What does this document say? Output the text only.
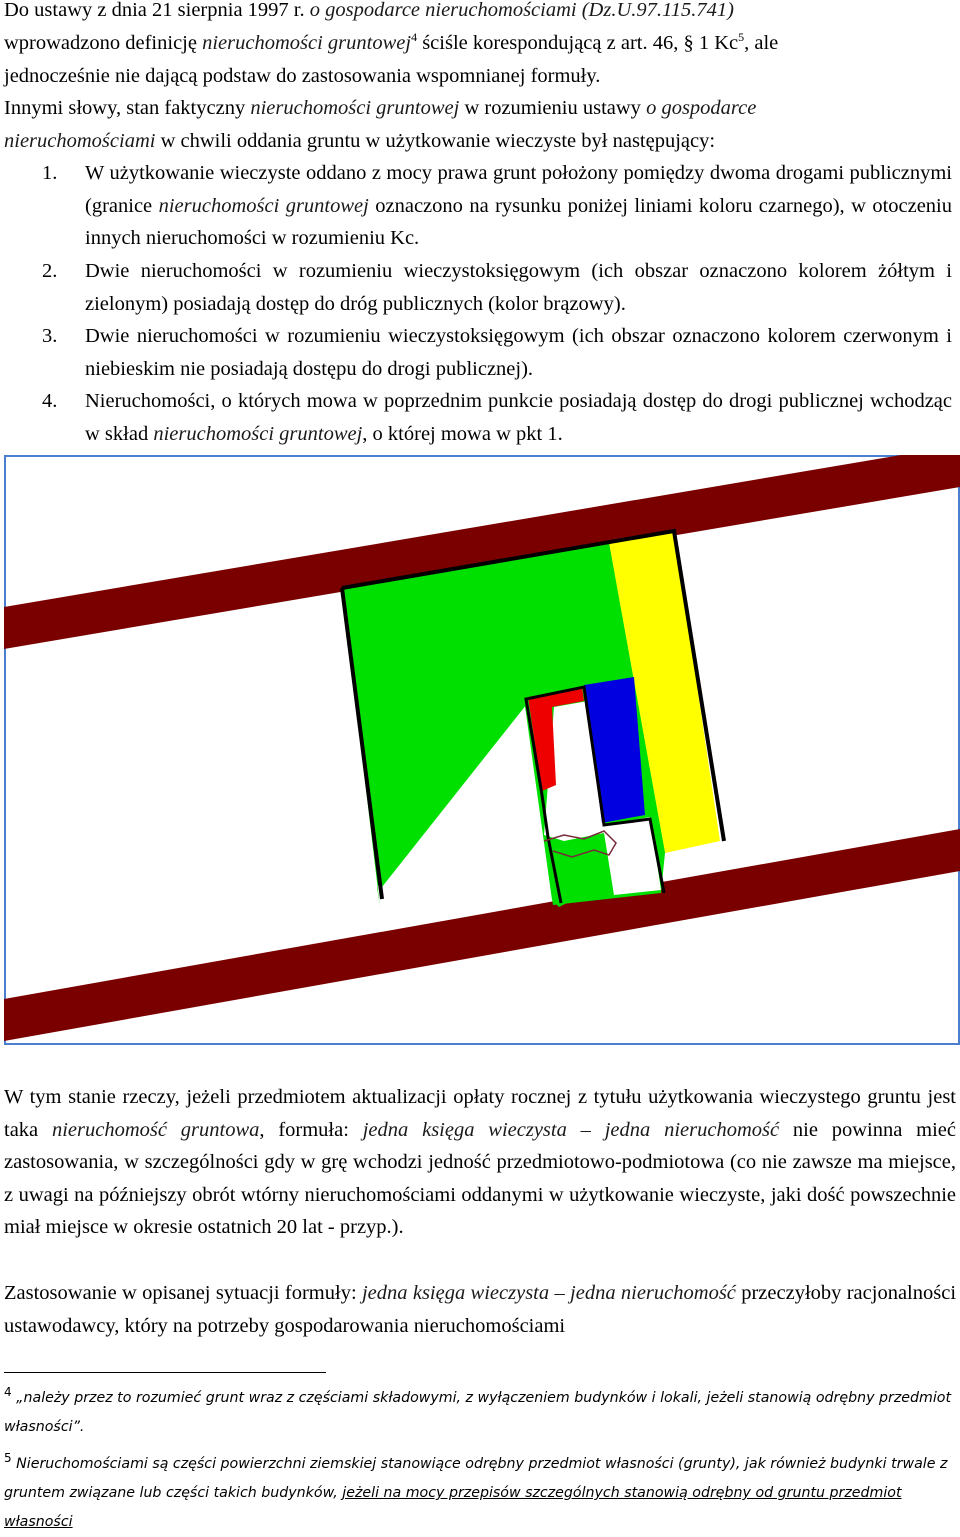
Do ustawy z dnia 21 sierpnia 1997 r. o gospodarce nieruchomościami (Dz.U.97.115.741)
wprowadzono definicję nieruchomości gruntowej$^4$ ściśle korespondującą z art. 46, § 1 Kc$^5$, ale
jednocześnie nie dającą podstaw do zastosowania wspomnianej formuły.
Innymi słowy, stan faktyczny nieruchomości gruntowej w rozumieniu ustawy o gospodarce
nieruchomościami w chwili oddania gruntu w użytkowanie wieczyste był następujący:
1. W użytkowanie wieczyste oddano z mocy prawa grunt położony pomiędzy dwoma drogami publicznymi (granice nieruchomości gruntowej oznaczono na rysunku poniżej liniami koloru czarnego), w otoczeniu innych nieruchomości w rozumieniu Kc.
2. Dwie nieruchomości w rozumieniu wieczystoksięgowym (ich obszar oznaczono kolorem żółtym i zielonym) posiadają dostęp do dróg publicznych (kolor brązowy).
3. Dwie nieruchomości w rozumieniu wieczystoksięgowym (ich obszar oznaczono kolorem czerwonym i niebieskim nie posiadają dostępu do drogi publicznej).
4. Nieruchomości, o których mowa w poprzednim punkcie posiadają dostęp do drogi publicznej wchodząc w skład nieruchomości gruntowej, o której mowa w pkt 1.
W tym stanie rzeczy, jeżeli przedmiotem aktualizacji opłaty rocznej z tytułu użytkowania wieczystego gruntu jest taka nieruchomość gruntowa, formuła: jedna księga wieczysta – jedna nieruchomość nie powinna mieć zastosowania, w szczególności gdy w grę wchodzi jedność przedmiotowo-podmiotowa (co nie zawsze ma miejsce, z uwagi na późniejszy obrót wtórny nieruchomościami oddanymi w użytkowanie wieczyste, jaki dość powszechnie miał miejsce w okresie ostatnich 20 lat - przyp.).
Zastosowanie w opisanej sytuacji formuły: jedna księga wieczysta – jedna nieruchomość przeczyłoby racjonalności ustawodawcy, który na potrzeby gospodarowania nieruchomościami
$^4$ „należy przez to rozumieć grunt wraz z częściami składowymi, z wyłączeniem budynków i lokali, jeżeli stanowią odrębny przedmiot własności”.
$^5$ Nieruchomościami są części powierzchni ziemskiej stanowiące odrębny przedmiot własności (grunty), jak również budynki trwale z gruntem związane lub części takich budynków, jeżeli na mocy przepisów szczególnych stanowią odrębny od gruntu przedmiot własności
